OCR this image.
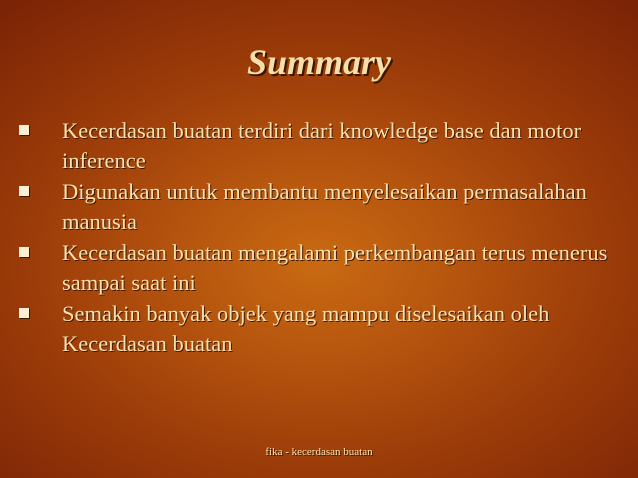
Summary
Kecerdasan buatan terdiri dari knowledge base dan motor inference
Digunakan untuk membantu menyelesaikan permasalahan manusia
Kecerdasan buatan mengalami perkembangan terus menerus sampai saat ini
Semakin banyak objek yang mampu diselesaikan oleh Kecerdasan buatan
fika - kecerdasan buatan
